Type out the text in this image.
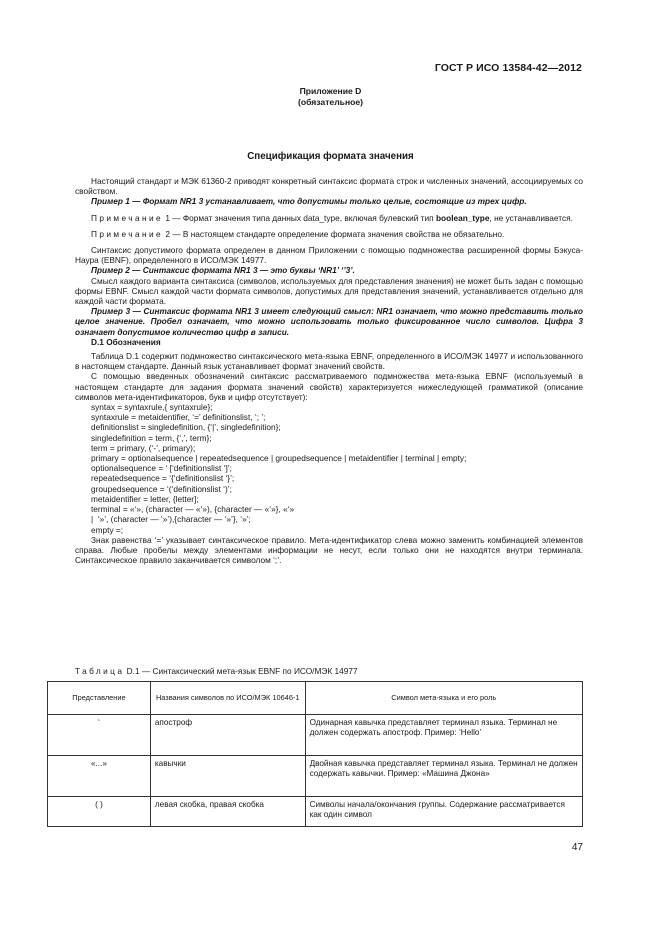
ГОСТ Р ИСО 13584-42—2012
Приложение D
(обязательное)
Спецификация формата значения

Настоящий стандарт и МЭК 61360-2 приводят конкретный синтаксис формата строк и численных значений, ассоциируемых со свойством.

Пример 1 — Формат NR1 3 устанавливает, что допустимы только целые, состоящие из трех цифр.

Примечание 1 — Формат значения типа данных data_type, включая булевский тип boolean_type, не устанавливается.

Примечание 2 — В настоящем стандарте определение формата значения свойства не обязательно.

Синтаксис допустимого формата определен в данном Приложении с помощью подмножества расширенной формы Бэкуса-Наура (EBNF), определенного в ИСО/МЭК 14977.

Пример 2 — Синтаксис формата NR1 3 — это буквы ‘NR1’ ‘’3’.

Смысл каждого варианта синтаксиса (символов, используемых для представления значения) не может быть задан с помощью формы EBNF. Смысл каждой части формата символов, допустимых для представления значений, устанавливается отдельно для каждой части формата.

Пример 3 — Синтаксис формата NR1 3 имеет следующий смысл: NR1 означает, что можно представить только целое значение. Пробел означает, что можно использовать только фиксированное число символов. Цифра 3 означает допустимое количество цифр в записи.

D.1 Обозначения

Таблица D.1 содержит подмножество синтаксического мета-языка EBNF, определенного в ИСО/МЭК 14977 и использованного в настоящем стандарте. Данный язык устанавливает формат значений свойств.

С помощью введенных обозначений синтаксис рассматриваемого подмножества мета-языка EBNF (используемый в настоящем стандарте для задания формата значений свойств) характеризуется нижеследующей грамматикой (описание символов мета-идентификаторов, букв и цифр отсутствует):

syntax = syntaxrule,{ syntaxrule};

syntaxrule = metaidentifier, ‘=’ definitionslist, ‘; ’;

definitionslist = singledefinition, {‘|’, singledefinition};

singledefinition = term, {‘,’, term};

term = primary, (‘-’, primary);

primary = optionalsequence | repeatedsequence | groupedsequence | metaidentifier | terminal | empty;

optionalsequence = ‘ [‘definitionslist ‘]’;

repeatedsequence = ‘{‘definitionslist ‘}’;

groupedsequence = ‘(‘definitionslist ‘)’;

metaidentifier = letter, {letter];

terminal = «‘», (character — «‘»), {character — «‘»}, «‘»

|  ‘»’, (character — ‘»’),{character — ‘»’}, ‘»’;

empty =;

Знак равенства ‘=’ указывает синтаксическое правило. Мета-идентификатор слева можно заменить комбинацией элементов справа. Любые пробелы между элементами информации не несут, если только они не находятся внутри терминала. Синтаксическое правило заканчивается символом ‘;’.

Таблица D.1 — Синтаксический мета-язык EBNF по ИСО/МЭК 14977
Представление	Названия символов по ИСО/МЭК 10646-1	Символ мета-языка и его роль
‘	апостроф	Одинарная кавычка представляет терминал языка. Терминал не должен содержать апостроф. Пример: ‘Hello’
«...»	кавычки	Двойная кавычка представляет терминал языка. Терминал не должен содержать кавычки. Пример: «Машина Джона»
( )	левая скобка, правая скобка	Символы начала/окончания группы. Содержание рассматривается как один символ
47
